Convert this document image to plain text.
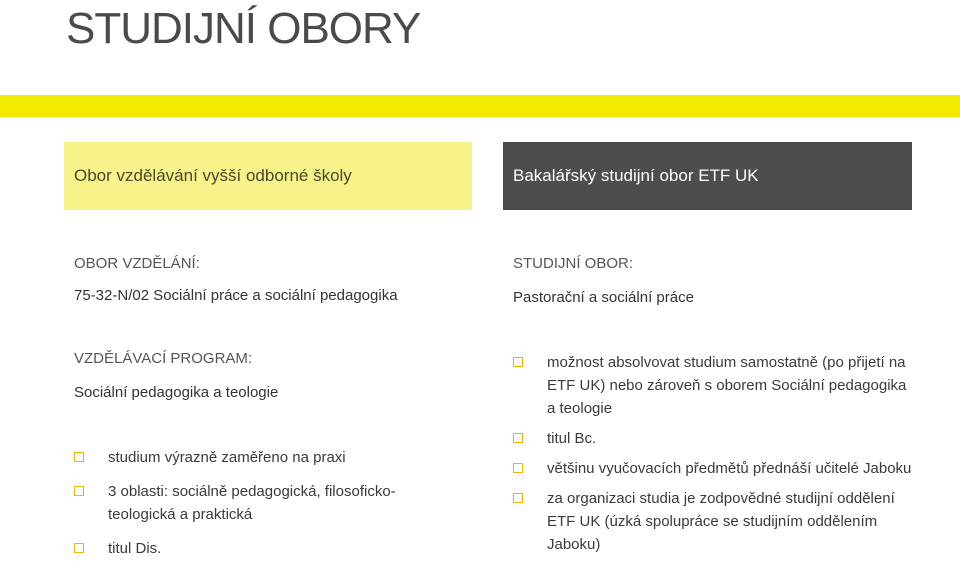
STUDIJNÍ OBORY
Obor vzdělávání vyšší odborné školy	Bakalářský studijní obor ETF UK
OBOR VZDĚLÁNÍ:
75-32-N/02 Sociální práce a sociální pedagogika
VZDĚLÁVACÍ PROGRAM:
Sociální pedagogika a teologie
studium výrazně zaměřeno na praxi
3 oblasti: sociálně pedagogická, filosoficko-teologická a praktická
titul Dis.
STUDIJNÍ OBOR:
Pastorační a sociální práce
možnost absolvovat studium samostatně (po přijetí na ETF UK) nebo zároveň s oborem Sociální pedagogika a teologie
titul Bc.
většinu vyučovacích předmětů přednáší učitelé Jaboku
za organizaci studia je zodpovědné studijní oddělení ETF UK (úzká spolupráce se studijním oddělením Jaboku)
